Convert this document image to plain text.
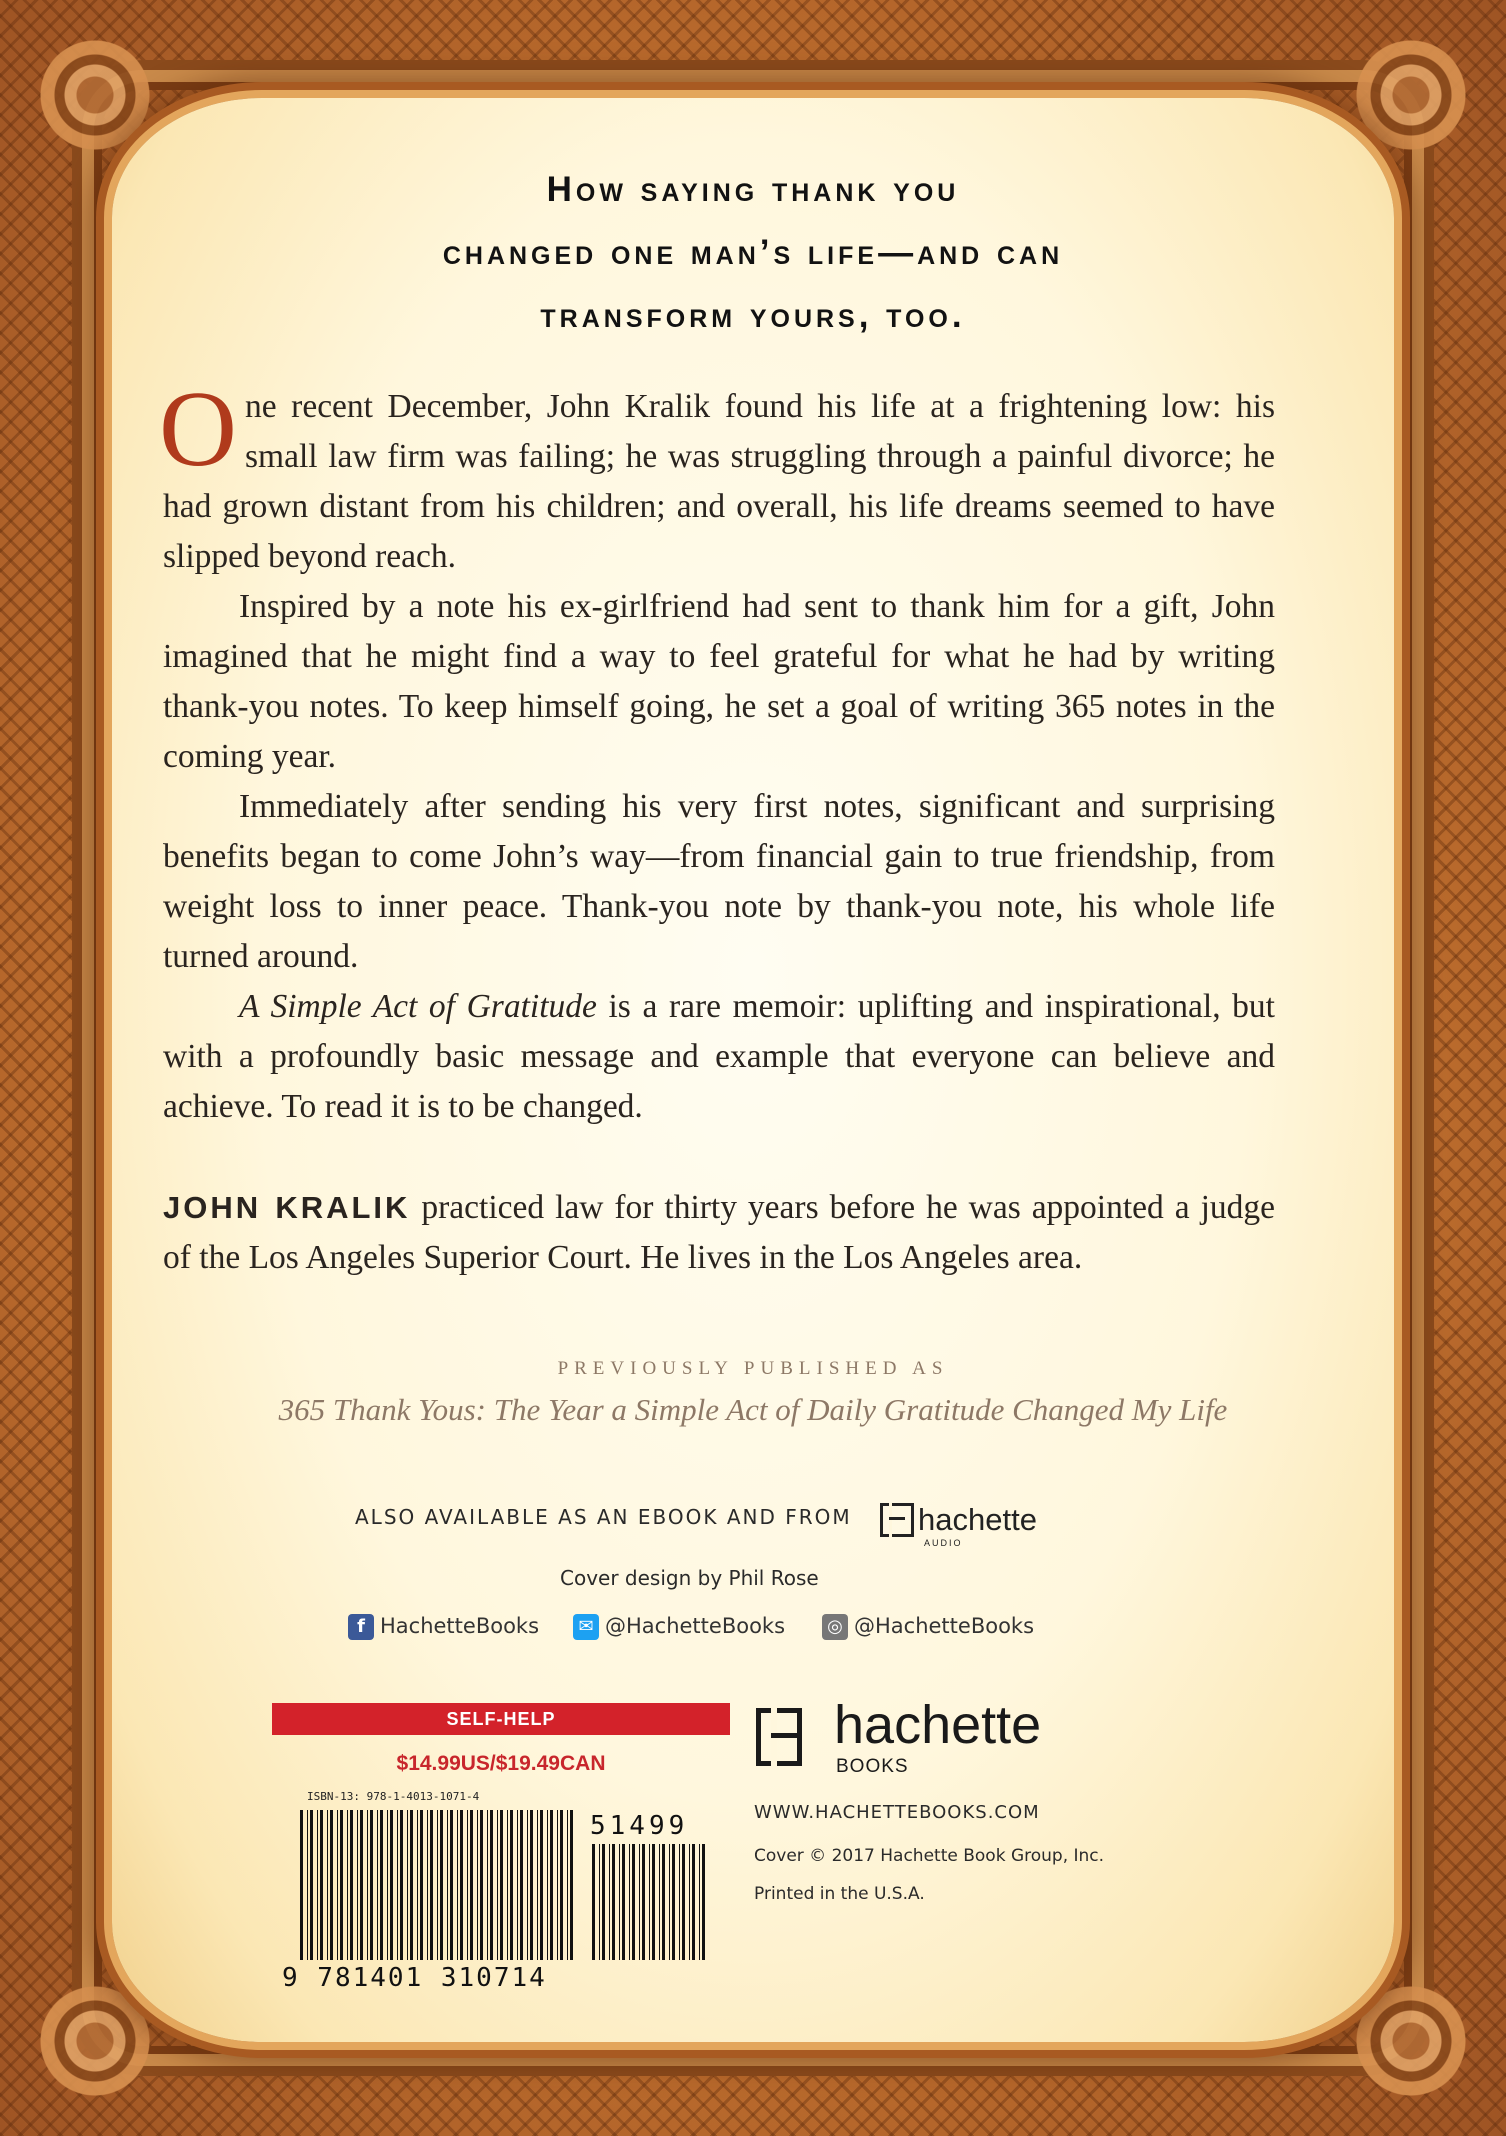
How saying thank you
changed one man’s life—and can
transform yours, too.

One recent December, John Kralik found his life at a frightening low: his small law firm was failing; he was struggling through a painful divorce; he had grown distant from his children; and overall, his life dreams seemed to have slipped beyond reach.

Inspired by a note his ex-girlfriend had sent to thank him for a gift, John imagined that he might find a way to feel grateful for what he had by writing thank-you notes. To keep himself going, he set a goal of writing 365 notes in the coming year.

Immediately after sending his very first notes, significant and surprising benefits began to come John’s way—from financial gain to true friendship, from weight loss to inner peace. Thank-you note by thank-you note, his whole life turned around.

A Simple Act of Gratitude is a rare memoir: uplifting and inspirational, but with a profoundly basic message and example that everyone can believe and achieve. To read it is to be changed.

JOHN KRALIK practiced law for thirty years before he was appointed a judge of the Los Angeles Superior Court. He lives in the Los Angeles area.
PREVIOUSLY PUBLISHED AS
365 Thank Yous: The Year a Simple Act of Daily Gratitude Changed My Life
ALSO AVAILABLE AS AN EBOOK AND FROM	hachette
AUDIO
Cover design by Phil Rose
f HachetteBooks	✉ @HachetteBooks ◎ @HachetteBooks
SELF-HELP
$14.99US/$19.49CAN
ISBN-13: 978-1-4013-1071-4
9 781401 310714
51499
hachette
BOOKS
WWW.HACHETTEBOOKS.COM
Cover © 2017 Hachette Book Group, Inc.
Printed in the U.S.A.
